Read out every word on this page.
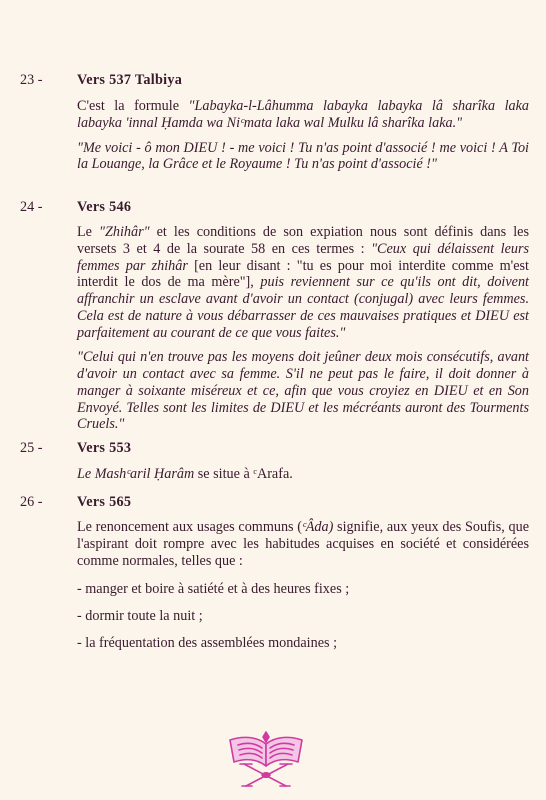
23 - Vers 537 Talbiya

C'est la formule "Labayka-l-Lâhumma labayka labayka lâ sharîka laka labayka 'innal Ḥamda wa Niᶜmata laka wal Mulku lâ sharîka laka."

"Me voici - ô mon DIEU ! - me voici ! Tu n'as point d'associé ! me voici ! A Toi la Louange, la Grâce et le Royaume ! Tu n'as point d'associé !"

24 - Vers 546

Le "Zhihâr" et les conditions de son expiation nous sont définis dans les versets 3 et 4 de la sourate 58 en ces termes : "Ceux qui délaissent leurs femmes par zhihâr [en leur disant : "tu es pour moi interdite comme m'est interdit le dos de ma mère"], puis reviennent sur ce qu'ils ont dit, doivent affranchir un esclave avant d'avoir un contact (conjugal) avec leurs femmes. Cela est de nature à vous débarrasser de ces mauvaises pratiques et DIEU est parfaitement au courant de ce que vous faites."

"Celui qui n'en trouve pas les moyens doit jeûner deux mois consécutifs, avant d'avoir un contact avec sa femme. S'il ne peut pas le faire, il doit donner à manger à soixante miséreux et ce, afin que vous croyiez en DIEU et en Son Envoyé. Telles sont les limites de DIEU et les mécréants auront des Tourments Cruels."

25 - Vers 553

Le Mashᶜaril Ḥarâm se situe à ᶜArafa.

26 - Vers 565

Le renoncement aux usages communs (ᶜÂda) signifie, aux yeux des Soufis, que l'aspirant doit rompre avec les habitudes acquises en société et considérées comme normales, telles que :

- manger et boire à satiété et à des heures fixes ;

- dormir toute la nuit ;

- la fréquentation des assemblées mondaines ;
